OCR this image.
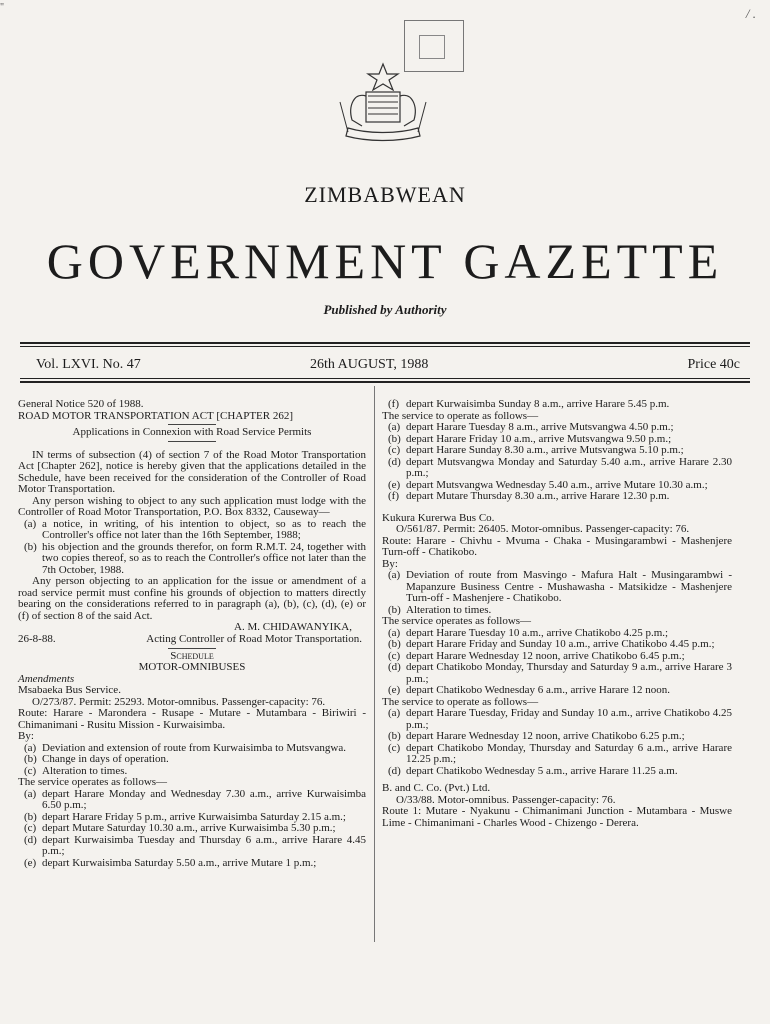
"	/ .
ZIMBABWEAN
GOVERNMENT GAZETTE
Published by Authority
Vol. LXVI. No. 47	26th AUGUST, 1988	Price 40c

General Notice 520 of 1988.

ROAD MOTOR TRANSPORTATION ACT [CHAPTER 262]

Applications in Connexion with Road Service Permits

IN terms of subsection (4) of section 7 of the Road Motor Transportation Act [Chapter 262], notice is hereby given that the applications detailed in the Schedule, have been received for the consideration of the Controller of Road Motor Transportation.

Any person wishing to object to any such application must lodge with the Controller of Road Motor Transportation, P.O. Box 8332, Causeway—

(a) a notice, in writing, of his intention to object, so as to reach the Controller's office not later than the 16th September, 1988;
(b) his objection and the grounds therefor, on form R.M.T. 24, together with two copies thereof, so as to reach the Controller's office not later than the 7th October, 1988.

Any person objecting to an application for the issue or amendment of a road service permit must confine his grounds of objection to matters directly bearing on the considerations referred to in paragraph (a), (b), (c), (d), (e) or (f) of section 8 of the said Act.

A. M. CHIDAWANYIKA,

26-8-88.	Acting Controller of Road Motor Transportation.

Schedule

MOTOR-OMNIBUSES

Amendments

Msabaeka Bus Service.

O/273/87. Permit: 25293. Motor-omnibus. Passenger-capacity: 76.

Route: Harare - Marondera - Rusape - Mutare - Mutambara - Biriwiri - Chimanimani - Rusitu Mission - Kurwaisimba.

By:

(a) Deviation and extension of route from Kurwaisimba to Mutsvangwa.
(b) Change in days of operation.
(c) Alteration to times.

The service operates as follows—

(a) depart Harare Monday and Wednesday 7.30 a.m., arrive Kurwaisimba 6.50 p.m.;
(b) depart Harare Friday 5 p.m., arrive Kurwaisimba Saturday 2.15 a.m.;
(c) depart Mutare Saturday 10.30 a.m., arrive Kurwaisimba 5.30 p.m.;
(d) depart Kurwaisimba Tuesday and Thursday 6 a.m., arrive Harare 4.45 p.m.;
(e) depart Kurwaisimba Saturday 5.50 a.m., arrive Mutare 1 p.m.;
(f) depart Kurwaisimba Sunday 8 a.m., arrive Harare 5.45 p.m.

The service to operate as follows—

(a) depart Harare Tuesday 8 a.m., arrive Mutsvangwa 4.50 p.m.;
(b) depart Harare Friday 10 a.m., arrive Mutsvangwa 9.50 p.m.;
(c) depart Harare Sunday 8.30 a.m., arrive Mutsvangwa 5.10 p.m.;
(d) depart Mutsvangwa Monday and Saturday 5.40 a.m., arrive Harare 2.30 p.m.;
(e) depart Mutsvangwa Wednesday 5.40 a.m., arrive Mutare 10.30 a.m.;
(f) depart Mutare Thursday 8.30 a.m., arrive Harare 12.30 p.m.

Kukura Kurerwa Bus Co.

O/561/87. Permit: 26405. Motor-omnibus. Passenger-capacity: 76.

Route: Harare - Chivhu - Mvuma - Chaka - Musingarambwi - Mashenjere Turn-off - Chatikobo.

By:

(a) Deviation of route from Masvingo - Mafura Halt - Musingarambwi - Mapanzure Business Centre - Mushawasha - Matsikidze - Mashenjere Turn-off - Mashenjere - Chatikobo.
(b) Alteration to times.

The service operates as follows—

(a) depart Harare Tuesday 10 a.m., arrive Chatikobo 4.25 p.m.;
(b) depart Harare Friday and Sunday 10 a.m., arrive Chatikobo 4.45 p.m.;
(c) depart Harare Wednesday 12 noon, arrive Chatikobo 6.45 p.m.;
(d) depart Chatikobo Monday, Thursday and Saturday 9 a.m., arrive Harare 3 p.m.;
(e) depart Chatikobo Wednesday 6 a.m., arrive Harare 12 noon.

The service to operate as follows—

(a) depart Harare Tuesday, Friday and Sunday 10 a.m., arrive Chatikobo 4.25 p.m.;
(b) depart Harare Wednesday 12 noon, arrive Chatikobo 6.25 p.m.;
(c) depart Chatikobo Monday, Thursday and Saturday 6 a.m., arrive Harare 12.25 p.m.;
(d) depart Chatikobo Wednesday 5 a.m., arrive Harare 11.25 a.m.

B. and C. Co. (Pvt.) Ltd.

O/33/88. Motor-omnibus. Passenger-capacity: 76.

Route 1: Mutare - Nyakunu - Chimanimani Junction - Mutambara - Muswe Lime - Chimanimani - Charles Wood - Chizengo - Derera.
